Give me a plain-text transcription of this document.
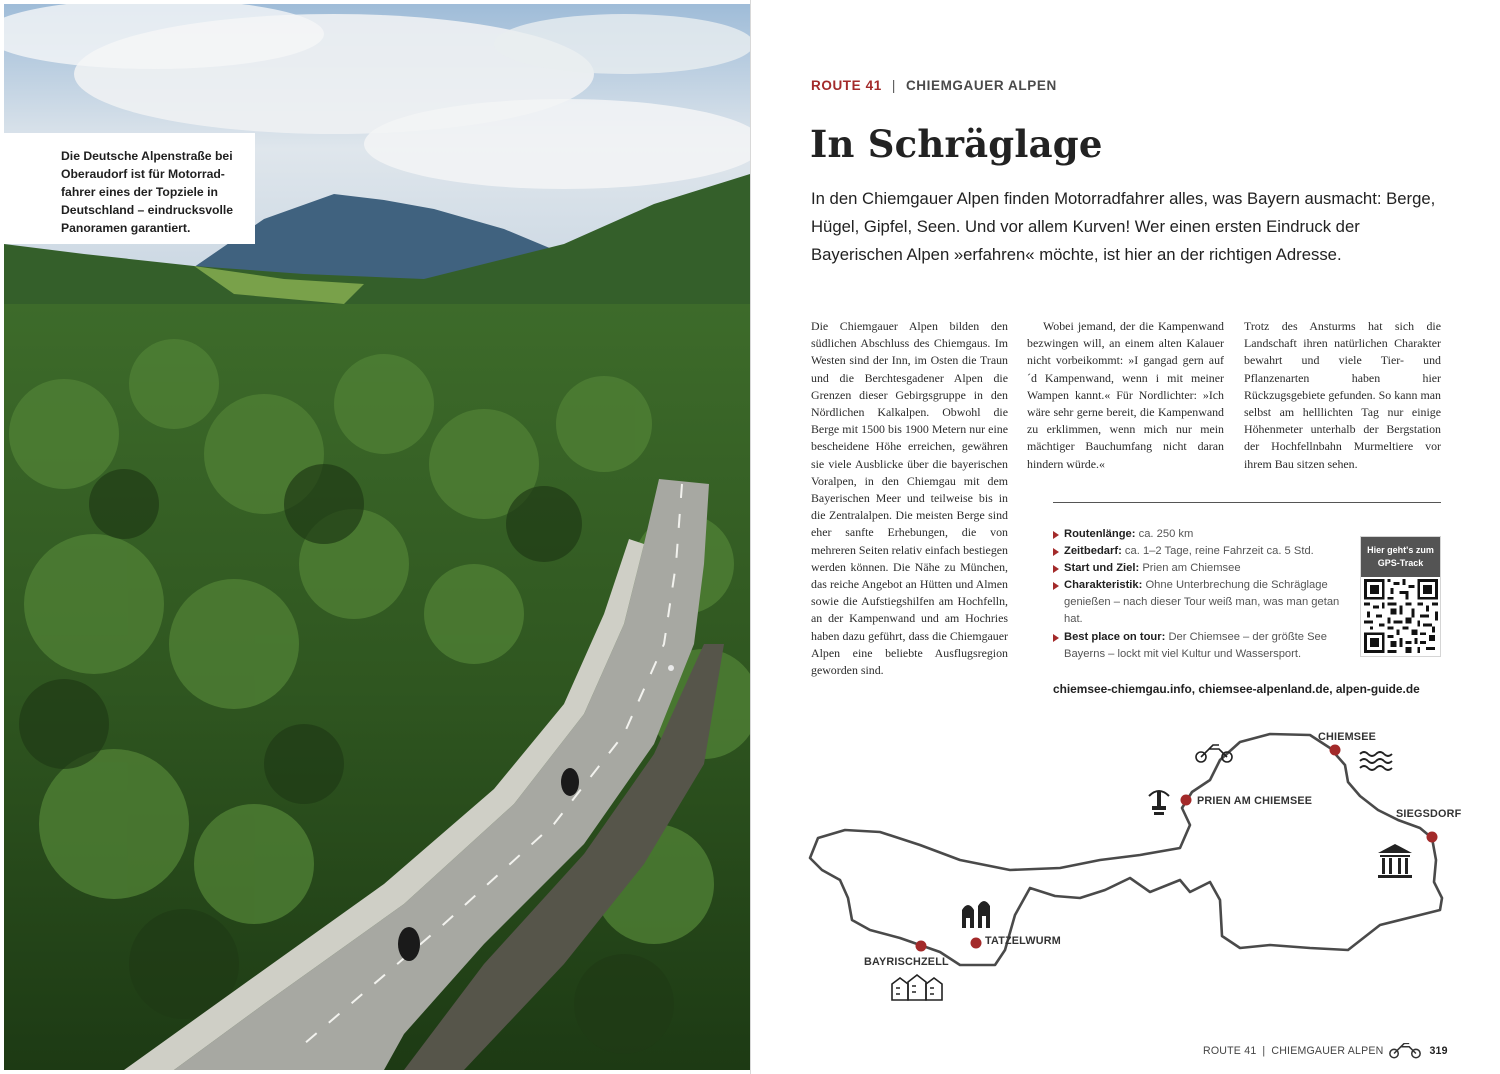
Die Deutsche Alpenstraße bei Oberaudorf ist für Motorrad-fahrer eines der Topziele in Deutschland – eindrucksvolle Panoramen garantiert.
ROUTE 41 | CHIEMGAUER ALPEN
In Schräglage

In den Chiemgauer Alpen finden Motorradfahrer alles, was Bayern ausmacht: Berge, Hügel, Gipfel, Seen. Und vor allem Kurven! Wer einen ersten Eindruck der Bayerischen Alpen »erfahren« möchte, ist hier an der richtigen Adresse.

Die Chiemgauer Alpen bilden den südlichen Abschluss des Chiemgaus. Im Westen sind der Inn, im Osten die Traun und die Berchtesgadener Alpen die Grenzen dieser Gebirgsgruppe in den Nördlichen Kalkalpen. Obwohl die Berge mit 1500 bis 1900 Metern nur eine bescheidene Höhe erreichen, gewähren sie viele Ausblicke über die bayerischen Voralpen, in den Chiemgau mit dem Bayerischen Meer und teilweise bis in die Zentralalpen. Die meisten Berge sind eher sanfte Erhebungen, die von mehreren Seiten relativ einfach bestiegen werden können. Die Nähe zu München, das reiche Angebot an Hütten und Almen sowie die Aufstiegshilfen am Hochfelln, an der Kampenwand und am Hochries haben dazu geführt, dass die Chiemgauer Alpen eine beliebte Ausflugsregion geworden sind.

Wobei jemand, der die Kampenwand bezwingen will, an einem alten Kalauer nicht vorbeikommt: »I gangad gern auf ´d Kampenwand, wenn i mit meiner Wampen kannt.« Für Nordlichter: »Ich wäre sehr gerne bereit, die Kampenwand zu erklimmen, wenn mich nur mein mächtiger Bauchumfang nicht daran hindern würde.«

Trotz des Ansturms hat sich die Landschaft ihren natürlichen Charakter bewahrt und viele Tier- und Pflanzenarten haben hier Rückzugsgebiete gefunden. So kann man selbst am helllichten Tag nur einige Höhenmeter unterhalb der Bergstation der Hochfellnbahn Murmeltiere vor ihrem Bau sitzen sehen.

Routenlänge: ca. 250 km
Zeitbedarf: ca. 1–2 Tage, reine Fahrzeit ca. 5 Std.
Start und Ziel: Prien am Chiemsee
Charakteristik: Ohne Unterbrechung die Schräglage genießen – nach dieser Tour weiß man, was man getan hat.
Best place on tour: Der Chiemsee – der größte See Bayerns – lockt mit viel Kultur und Wassersport.
Hier geht's zum GPS-Track
chiemsee-chiemgau.info, chiemsee-alpenland.de, alpen-guide.de
CHIEMSEE
PRIEN AM CHIEMSEE
SIEGSDORF
TATZELWURM
BAYRISCHZELL
ROUTE 41 | CHIEMGAUER ALPEN	319
